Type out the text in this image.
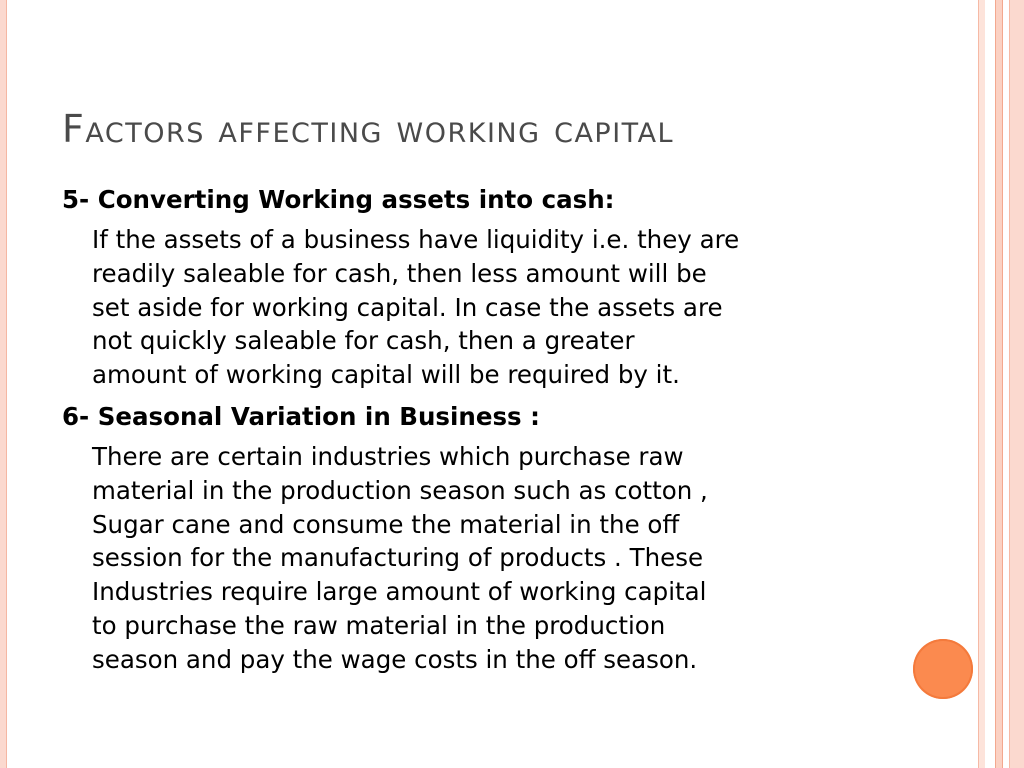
Factors affecting working capital
5- Converting Working assets into cash:
If the assets of a business have liquidity i.e. they are
readily saleable for cash, then less amount will be
set aside for working capital. In case the assets are
not quickly saleable for cash, then a greater
amount of working capital will be required by it.
6- Seasonal Variation in Business :
There are certain industries which purchase raw
material in the production season such as cotton ,
Sugar cane and consume the material in the off
session for the manufacturing of products . These
Industries require large amount of working capital
to purchase the raw material in the production
season and pay the wage costs in the off season.
